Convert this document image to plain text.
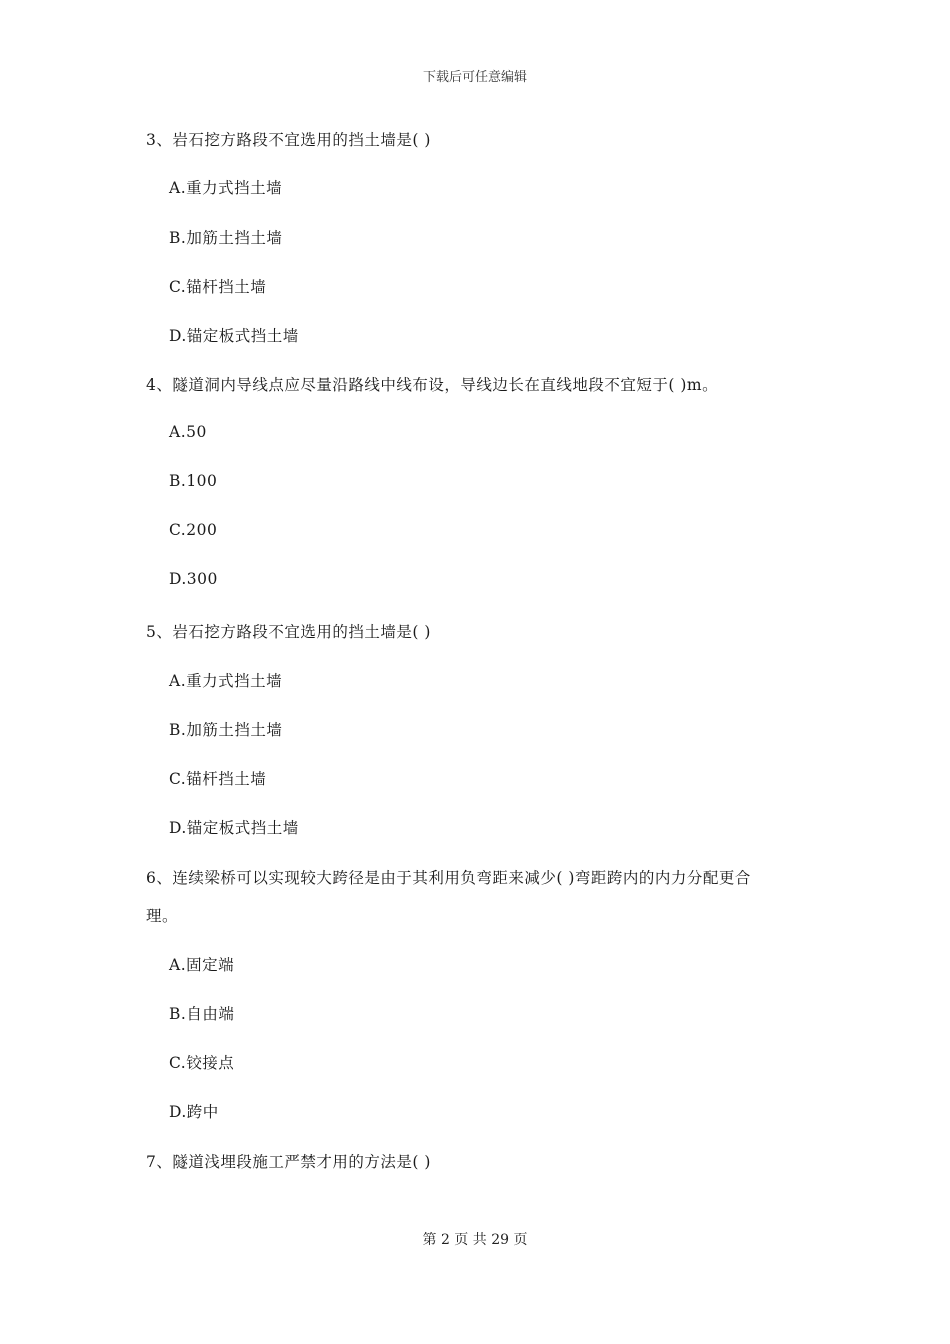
下载后可任意编辑
3、岩石挖方路段不宜选用的挡土墙是( )
A.重力式挡土墙
B.加筋土挡土墙
C.锚杆挡土墙
D.锚定板式挡土墙
4、隧道洞内导线点应尽量沿路线中线布设，导线边长在直线地段不宜短于( )m。
A.50
B.100
C.200
D.300
5、岩石挖方路段不宜选用的挡土墙是( )
A.重力式挡土墙
B.加筋土挡土墙
C.锚杆挡土墙
D.锚定板式挡土墙
6、连续梁桥可以实现较大跨径是由于其利用负弯距来减少( )弯距跨内的内力分配更合
理。
A.固定端
B.自由端
C.铰接点
D.跨中
7、隧道浅埋段施工严禁才用的方法是( )
第 2 页 共 29 页
